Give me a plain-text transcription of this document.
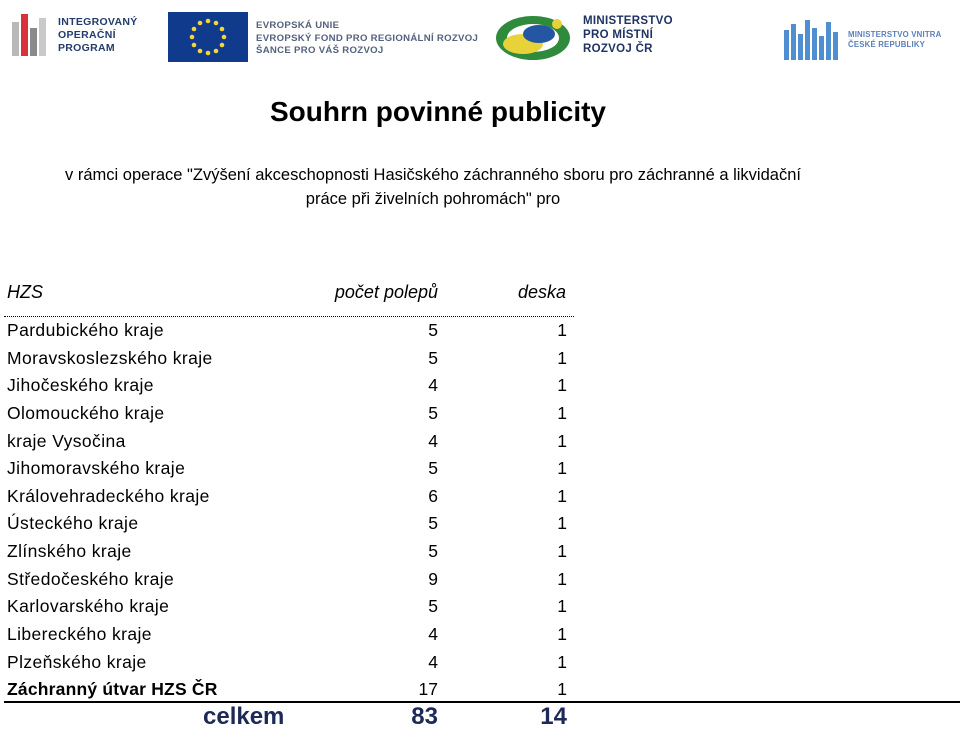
INTEGROVANÝ
OPERAČNÍ
PROGRAM
EVROPSKÁ UNIE
EVROPSKÝ FOND PRO REGIONÁLNÍ ROZVOJ
ŠANCE PRO VÁŠ ROZVOJ
MINISTERSTVO
PRO MÍSTNÍ
ROZVOJ ČR
MINISTERSTVO VNITRA
ČESKÉ REPUBLIKY
Souhrn povinné publicity
v rámci operace "Zvýšení akceschopnosti Hasičského záchranného sboru pro záchranné a likvidační
práce při živelních pohromách" pro
HZS	počet polepů	deska
Pardubického kraje	5	1
Moravskoslezského kraje	5	1
Jihočeského kraje	4	1
Olomouckého kraje	5	1
kraje Vysočina	4	1
Jihomoravského kraje	5	1
Královehradeckého kraje	6	1
Ústeckého kraje	5	1
Zlínského kraje	5	1
Středočeského kraje	9	1
Karlovarského kraje	5	1
Libereckého kraje	4	1
Plzeňského kraje	4	1
Záchranný útvar HZS ČR	17	1
celkem	83	14
